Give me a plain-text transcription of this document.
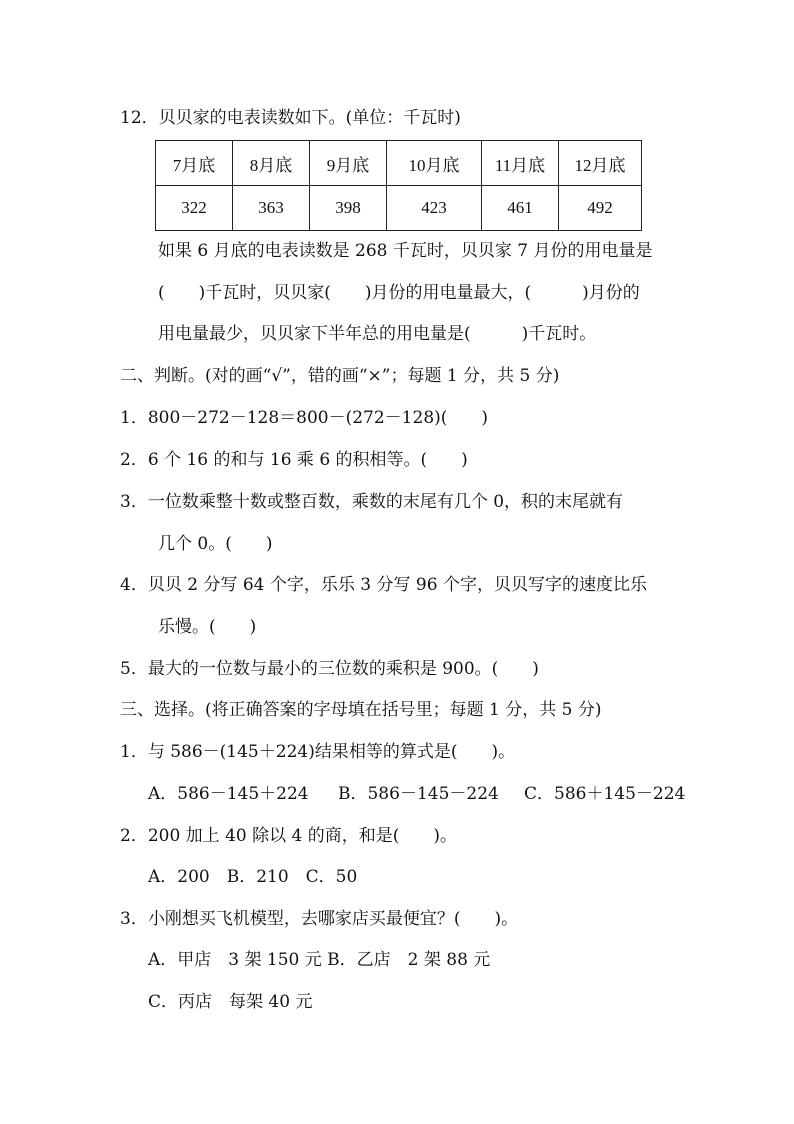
12．贝贝家的电表读数如下。(单位：千瓦时)
7月底	8月底	9月底	10月底	11月底	12月底
322	363	398	423	461	492
如果 6 月底的电表读数是 268 千瓦时，贝贝家 7 月份的用电量是
(　　)千瓦时，贝贝家(　　)月份的用电量最大，(　　　)月份的
用电量最少，贝贝家下半年总的用电量是(　　　)千瓦时。
二、判断。(对的画“√”，错的画“×”；每题 1 分，共 5 分)
1．800－272－128＝800－(272－128)(　　)
2．6 个 16 的和与 16 乘 6 的积相等。(　　)
3．一位数乘整十数或整百数，乘数的末尾有几个 0，积的末尾就有
几个 0。(　　)
4．贝贝 2 分写 64 个字，乐乐 3 分写 96 个字，贝贝写字的速度比乐
乐慢。(　　)
5．最大的一位数与最小的三位数的乘积是 900。(　　)
三、选择。(将正确答案的字母填在括号里；每题 1 分，共 5 分)
1．与 586－(145＋224)结果相等的算式是(　　)。
A．586－145＋224 B．586－145－224 C．586＋145－224
2．200 加上 40 除以 4 的商，和是(　　)。
A．200　B．210　C．50
3．小刚想买飞机模型，去哪家店买最便宜？(　　)。
A．甲店　3 架 150 元 B．乙店　2 架 88 元
C．丙店　每架 40 元
